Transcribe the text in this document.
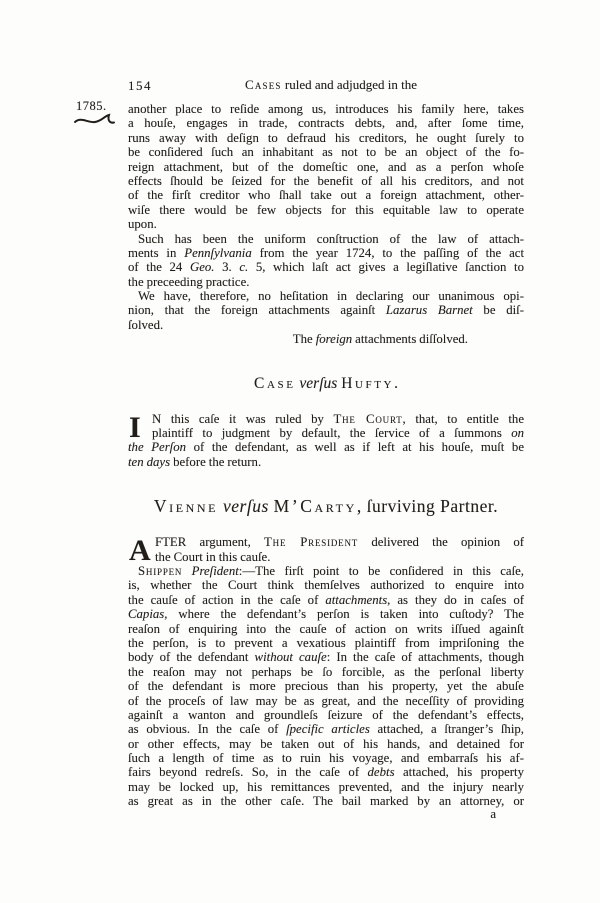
154	Cases ruled and adjudged in the
1785. another place to reſide among us, introduces his family here, takes
a houſe, engages in trade, contracts debts, and, after ſome time,
runs away with deſign to defraud his creditors, he ought ſurely to
be conſidered ſuch an inhabitant as not to be an object of the fo-
reign attachment, but of the domeſtic one, and as a perſon whoſe
effects ſhould be ſeized for the benefit of all his creditors, and not
of the firſt creditor who ſhall take out a foreign attachment, other-
wiſe there would be few objects for this equitable law to operate
upon.
Such has been the uniform conſtruction of the law of attach-
ments in Pennſylvania from the year 1724, to the paſſing of the act
of the 24 Geo. 3. c. 5, which laſt act gives a legiſlative ſanction to
the preceeding practice.
We have, therefore, no heſitation in declaring our unanimous opi-
nion, that the foreign attachments againſt Lazarus Barnet be diſ-
ſolved.
The foreign attachments diſſolved.
Case verſus Hufty.
I N this caſe it was ruled by The Court, that, to entitle the
plaintiff to judgment by default, the ſervice of a ſummons on
the Perſon of the defendant, as well as if left at his houſe, muſt be
ten days before the return.
Vienne verſus M’Carty, ſurviving Partner.
A FTER argument, The President delivered the opinion of
the Court in this cauſe.
Shippen Preſident:—The firſt point to be conſidered in this caſe,
is, whether the Court think themſelves authorized to enquire into
the cauſe of action in the caſe of attachments, as they do in caſes of
Capias, where the defendant’s perſon is taken into cuſtody? The
reaſon of enquiring into the cauſe of action on writs iſſued againſt
the perſon, is to prevent a vexatious plaintiff from impriſoning the
body of the defendant without cauſe: In the caſe of attachments, though
the reaſon may not perhaps be ſo forcible, as the perſonal liberty
of the defendant is more precious than his property, yet the abuſe
of the proceſs of law may be as great, and the neceſſity of providing
againſt a wanton and groundleſs ſeizure of the defendant’s effects,
as obvious. In the caſe of ſpecific articles attached, a ſtranger’s ſhip,
or other effects, may be taken out of his hands, and detained for
ſuch a length of time as to ruin his voyage, and embarraſs his af-
fairs beyond redreſs. So, in the caſe of debts attached, his property
may be locked up, his remittances prevented, and the injury nearly
as great as in the other caſe. The bail marked by an attorney, or
a
